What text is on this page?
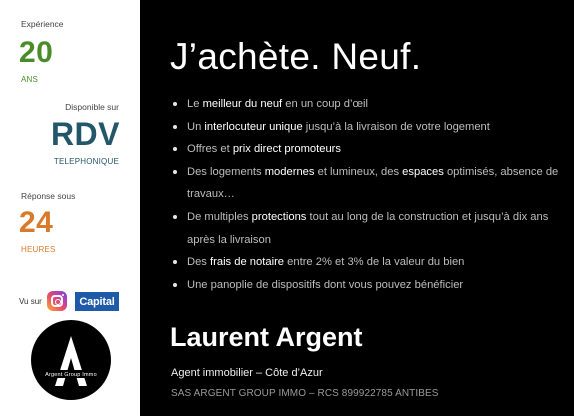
Expérience
20
ANS
Disponible sur
RDV
TELEPHONIQUE
Réponse sous
24
HEURES
Vu sur	Capital
Argent Group Immo
J’achète. Neuf.
Le meilleur du neuf en un coup d’œil
Un interlocuteur unique jusqu’à la livraison de votre logement
Offres et prix direct promoteurs
Des logements modernes et lumineux, des espaces optimisés, absence de travaux…
De multiples protections tout au long de la construction et jusqu’à dix ans après la livraison
Des frais de notaire entre 2% et 3% de la valeur du bien
Une panoplie de dispositifs dont vous pouvez bénéficier
Laurent Argent
Agent immobilier – Côte d’Azur
SAS ARGENT GROUP IMMO – RCS 899922785 ANTIBES
